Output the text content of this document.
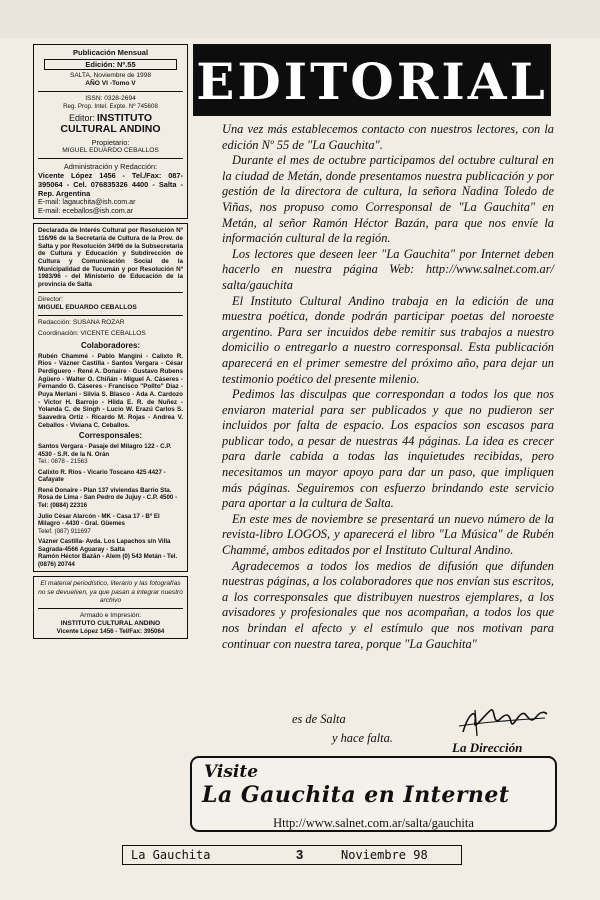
Publicación Mensual
Edición: Nº.55
SALTA, Noviembre de 1998
AÑO VI -Tomo V
ISSN: 0328-2694
Reg. Prop. Intel. Expte. Nº 745608
Editor: INSTITUTO
CULTURAL ANDINO
Propietario:
MIGUEL EDUARDO CEBALLOS
Administración y Redacción:
Vicente López 1456 - Tel./Fax: 087-395064 - Cel. 076835326 4400 - Salta - Rep. Argentina
E-mail: lagauchita@ish.com.ar
E-mail: eceballos@ish.com.ar
Declarada de Interés Cultural por Resolución Nº 116/96 de la Secretaría de Cultura de la Prov. de Salta y por Resolución 34/96 de la Subsecretaria de Cultura y Educación y Subdirección de Cultura y Comunicación Social de la Municipalidad de Tucumán y por Resolución Nº 1983/96 - del Ministerio de Educación de la provincia de Salta
Director:
MIGUEL EDUARDO CEBALLOS
Redacción: SUSANA ROZAR
Coordinación: VICENTE CEBALLOS
Colaboradores:
Rubén Chammé - Pablo Mangini - Calixto R. Rios - Vázner Castilla - Santos Vergara - César Perdiguero - René A. Donaire - Gustavo Rubens Agüero - Walter O. Chiñán - Miguel A. Cáseres - Fernando G. Cáseres - Francisco "Pollto" Díaz - Puya Merlani - Silvia S. Blasco - Ada A. Cardozo - Victor H. Barrojo - Hilda E. R. de Nuñez - Yolanda C. de Singh - Lucio W. Erazú Carlos S. Saavedra Ortiz - Ricardo M. Rojas - Andrea V. Ceballos - Viviana C. Ceballos.
Corresponsales:
Santos Vergara - Pasaje del Milagro 122 - C.P. 4530 - S.R. de la N. Orán
Tel.: 0878 - 21563
Calixto R. Rios - Vicario Toscano 425 4427 - Cafayate
René Donaire - Plan 137 viviendas Barrio Sta. Rosa de Lima - San Pedro de Jujuy - C.P. 4500 - Tel: (0884) 22316
Julio César Alarcón - MK - Casa 17 - Bº El Milagro - 4430 - Gral. Güemes
Telef. (087) 911697
Vázner Castilla- Avda. Los Lapachos s/n Villa Sagrada-4566 Aguaray - Salta
Ramón Héctor Bazán - Alem (0) 543 Metán - Tel. (0876) 20744
El material periodístico, literario y las fotografías no se devuelven, ya que pasan a integrar nuestro archivo
Armado e Impresión:
INSTITUTO CULTURAL ANDINO
Vicente López 1456 - Tel/Fax: 395064
EDITORIAL

Una vez más establecemos contacto con nuestros lectores, con la edición Nº 55 de "La Gauchita".

Durante el mes de octubre participamos del octubre cultural en la ciudad de Metán, donde presentamos nuestra publicación y por gestión de la directora de cultura, la señora Nadina Toledo de Viñas, nos propuso como Corresponsal de "La Gauchita" en Metán, al señor Ramón Héctor Bazán, para que nos envíe la información cultural de la región.

Los lectores que deseen leer "La Gauchita" por Internet deben hacerlo en nuestra página Web: http://www.salnet.com.ar/ salta/gauchita

El Instituto Cultural Andino trabaja en la edición de una muestra poética, donde podrán participar poetas del noroeste argentino. Para ser incuidos debe remitir sus trabajos a nuestro domicilio o entregarlo a nuestro corresponsal. Esta publicación aparecerá en el primer semestre del próximo año, para dejar un testimonio poético del presente milenio.

Pedimos las disculpas que correspondan a todos los que nos enviaron material para ser publicados y que no pudieron ser incluidos por falta de espacio. Los espacios son escasos para publicar todo, a pesar de nuestras 44 páginas. La idea es crecer para darle cabida a todas las inquietudes recibidas, pero necesitamos un mayor apoyo para dar un paso, que impliquen más páginas. Seguiremos con esfuerzo brindando este servicio para aportar a la cultura de Salta.

En este mes de noviembre se presentará un nuevo número de la revista-libro LOGOS, y aparecerá el libro "La Música" de Rubén Chammé, ambos editados por el Instituto Cultural Andino.

Agradecemos a todos los medios de difusión que difunden nuestras páginas, a los colaboradores que nos envían sus escritos, a los corresponsales que distribuyen nuestros ejemplares, a los avisadores y profesionales que nos acompañan, a todos los que nos brindan el afecto y el estímulo que nos motivan para continuar con nuestra tarea, porque "La Gauchita"

es de Salta
y hace falta.
La Dirección
Visite
La Gauchita en Internet
Http://www.salnet.com.ar/salta/gauchita
La Gauchita	3	Noviembre 98
